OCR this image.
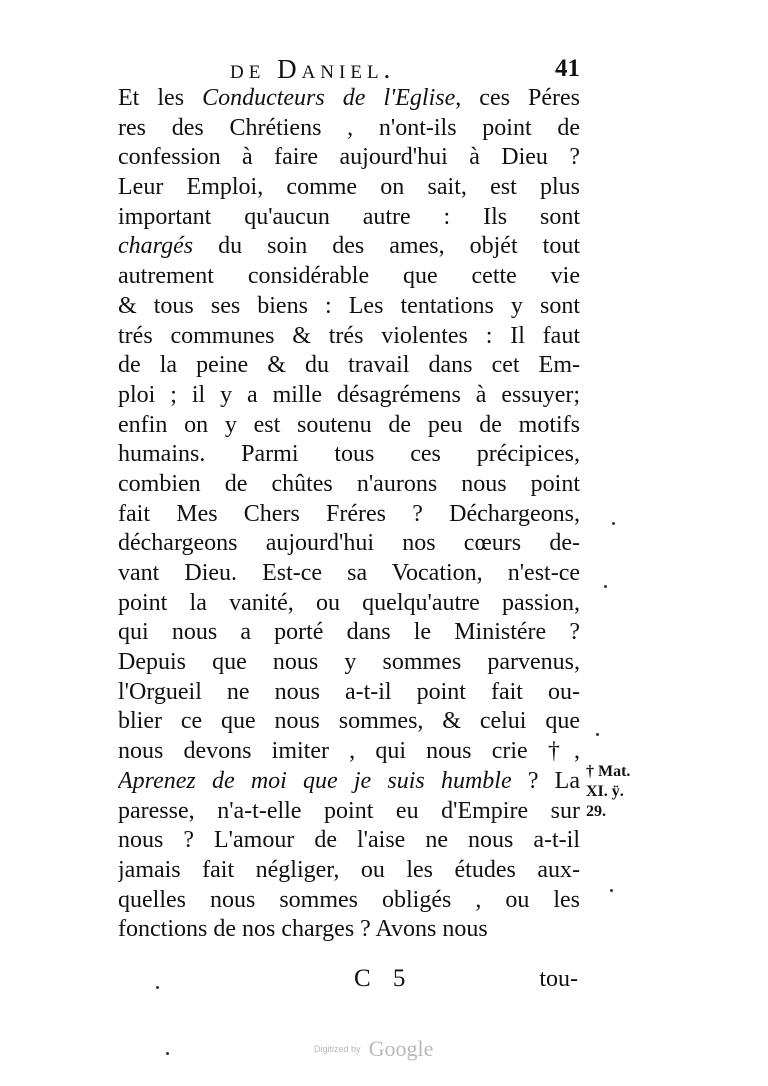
de Daniel.	41
Et les Conducteurs de l'Eglise, ces Péres
res des Chrétiens , n'ont-ils point de
confession à faire aujourd'hui à Dieu ?
Leur Emploi, comme on sait, est plus
important qu'aucun autre : Ils sont
chargés du soin des ames, objét tout
autrement considérable que cette vie
& tous ses biens : Les tentations y sont
trés communes & trés violentes : Il faut
de la peine & du travail dans cet Em-
ploi ; il y a mille désagrémens à essuyer;
enfin on y est soutenu de peu de motifs
humains. Parmi tous ces précipices,
combien de chûtes n'aurons nous point
fait Mes Chers Fréres ? Déchargeons,
déchargeons aujourd'hui nos cœurs de-
vant Dieu. Est-ce sa Vocation, n'est-ce
point la vanité, ou quelqu'autre passion,
qui nous a porté dans le Ministére ?
Depuis que nous y sommes parvenus,
l'Orgueil ne nous a-t-il point fait ou-
blier ce que nous sommes, & celui que
nous devons imiter , qui nous crie †,
Aprenez de moi que je suis humble ? La
paresse, n'a-t-elle point eu d'Empire sur
nous ? L'amour de l'aise ne nous a-t-il
jamais fait négliger, ou les études aux-
quelles nous sommes obligés , ou les
fonctions de nos charges ? Avons nous
† Mat.
XI. ÿ.
29.
C 5	tou-
Digitized by Google
